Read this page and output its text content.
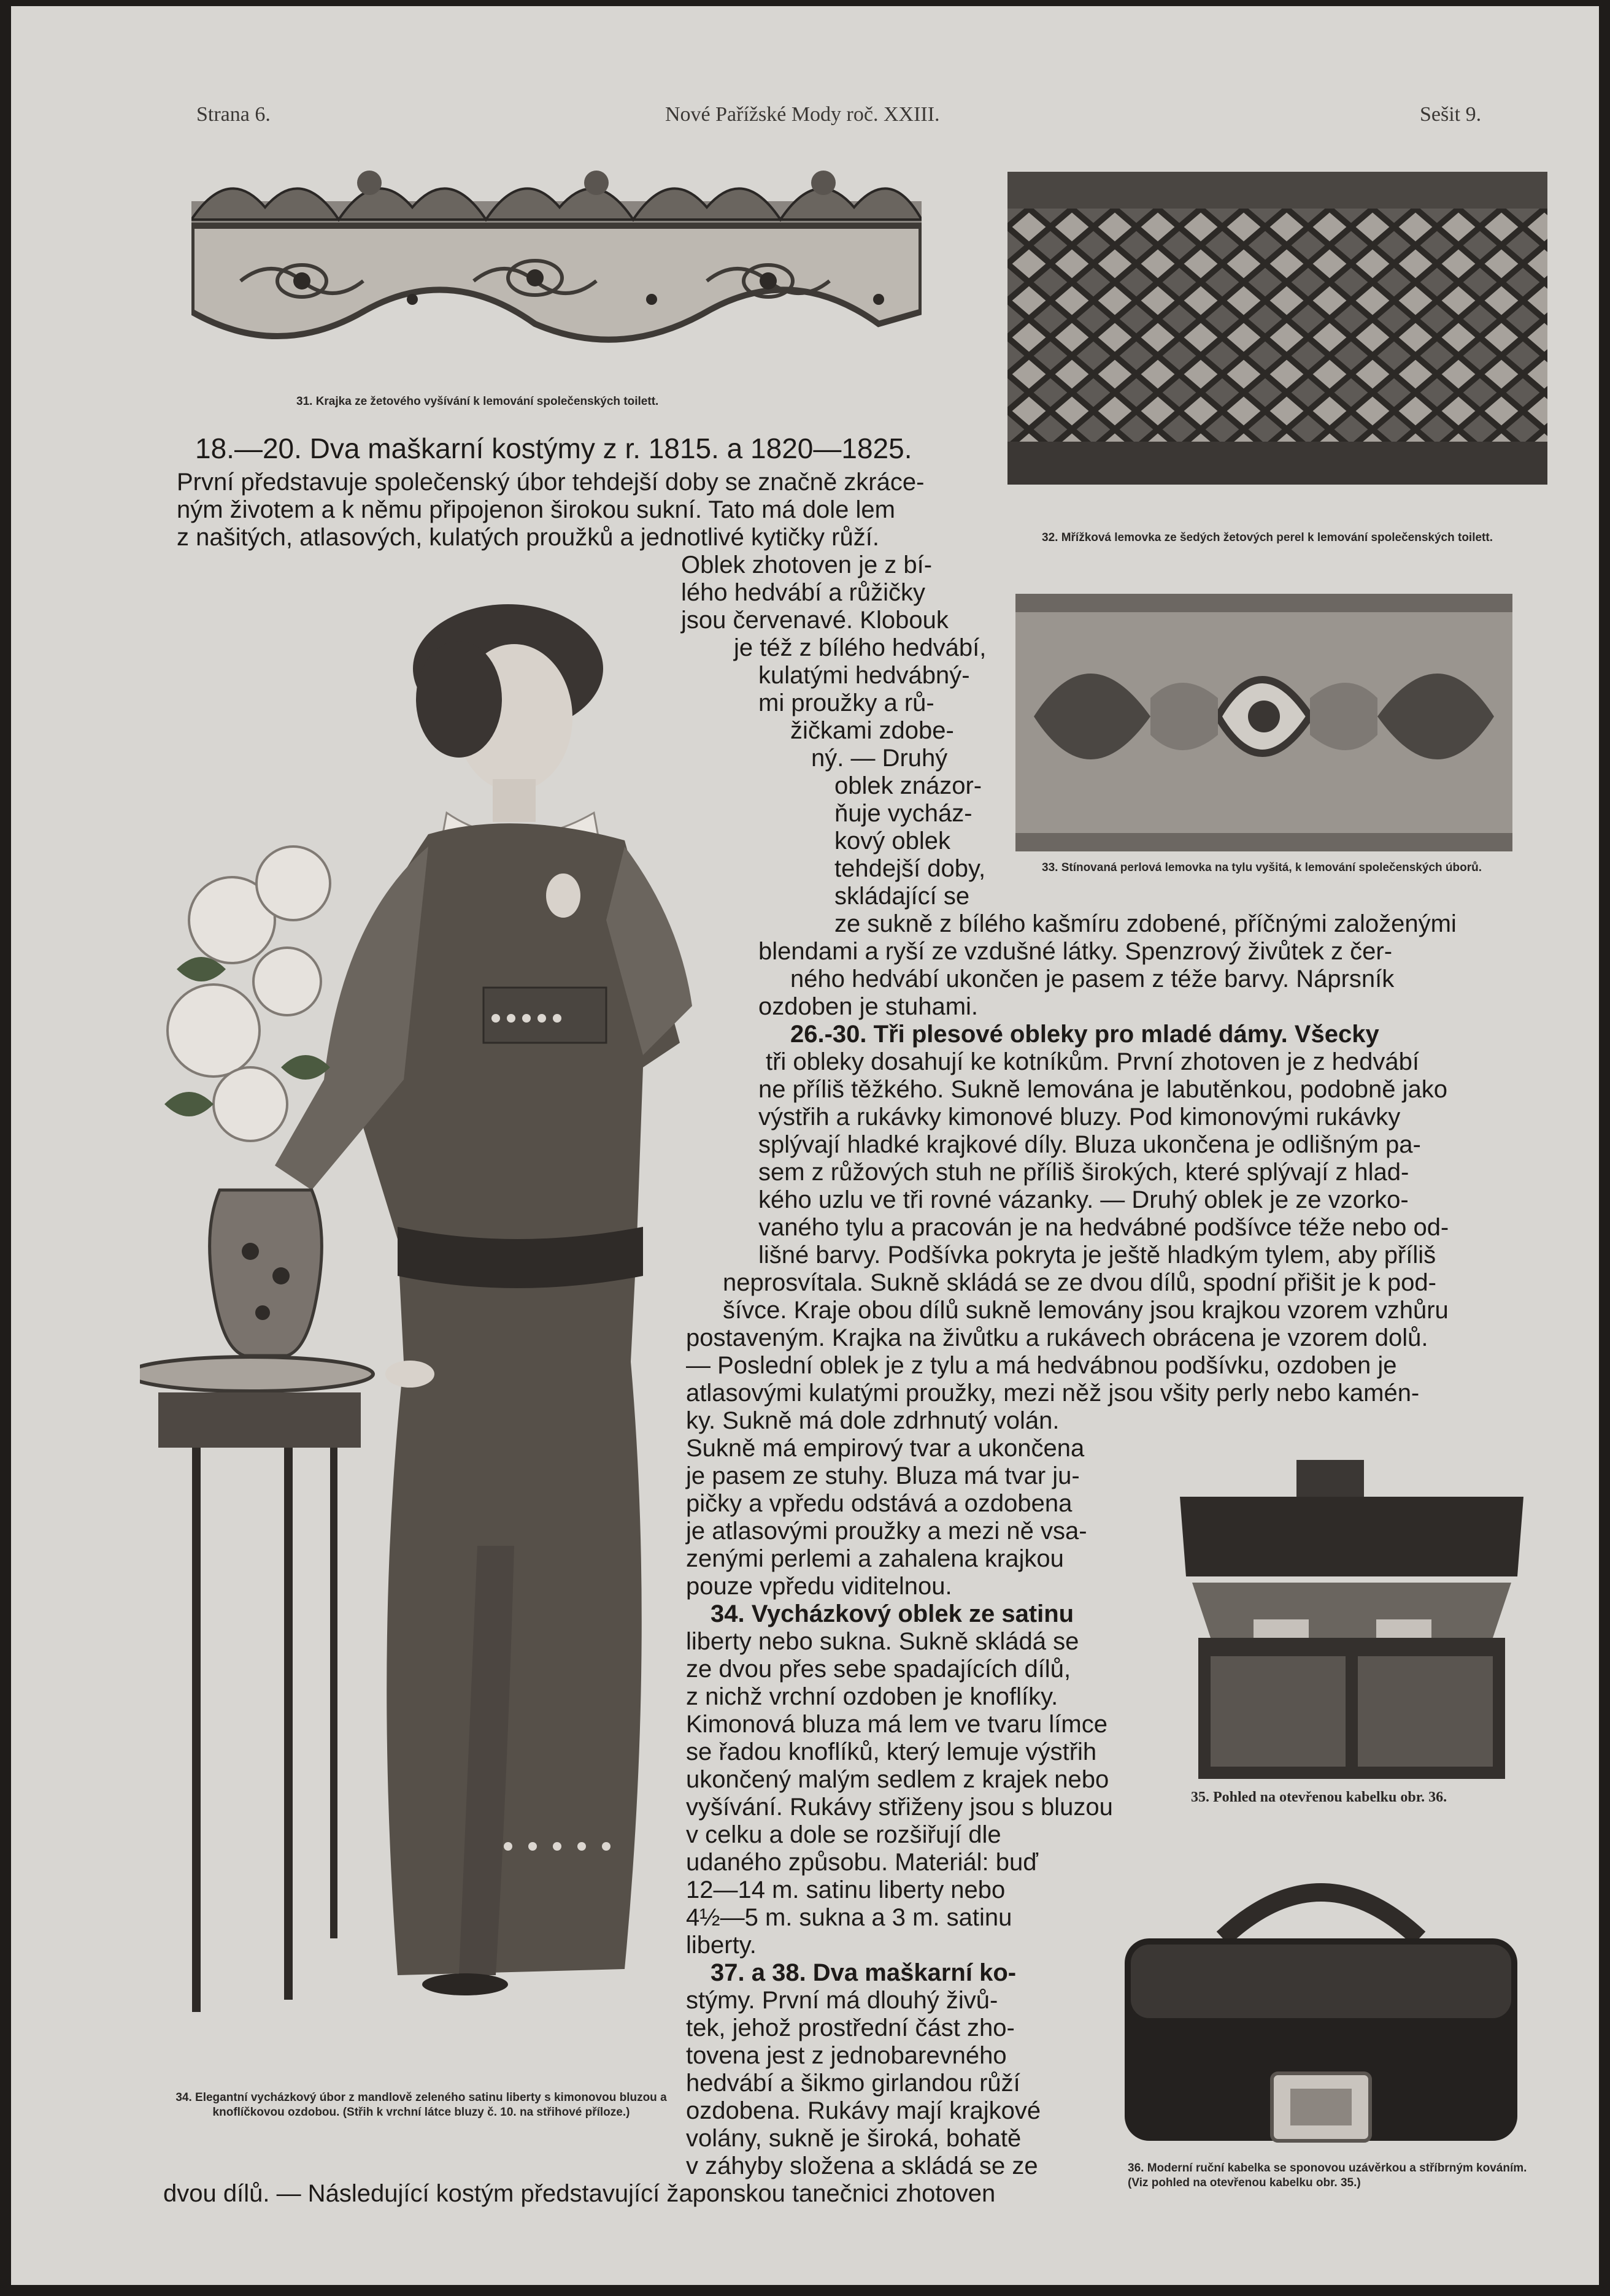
Strana 6.	Nové Pařížské Mody roč. XXIII.	Sešit 9.

31. Krajka ze žetového vyšívání k lemování společenských toilett.

32. Mřížková lemovka ze šedých žetových perel k lemování společenských toilett.

33. Stínovaná perlová lemovka na tylu vyšitá, k lemování společenských úborů.

34. Elegantní vycházkový úbor z mandlově zeleného satinu liberty s kimonovou bluzou a knoflíčkovou ozdobou. (Střih k vrchní látce bluzy č. 10. na střihové příloze.)

35. Pohled na otevřenou kabelku obr. 36.

36. Moderní ruční kabelka se sponovou uzávěrkou a stříbrným kováním. (Viz pohled na otevřenou kabelku obr. 35.)

18.—20. Dva maškarní kostýmy z r. 1815. a 1820—1825.

První představuje společenský úbor tehdejší doby se značně zkráce-

ným životem a k němu připojenon širokou sukní. Tato má dole lem

z našitých, atlasových, kulatých proužků a jednotlivé kytičky růží.

Oblek zhotoven je z bí-

lého hedvábí a růžičky

jsou červenavé. Klobouk

je též z bílého hedvábí,

kulatými hedvábný-

mi proužky a rů-

žičkami zdobe-

ný. — Druhý

oblek znázor-

ňuje vycház-

kový oblek

tehdejší doby,

skládající se

ze sukně z bílého kašmíru zdobené, příčnými založenými

blendami a ryší ze vzdušné látky. Spenzrový živůtek z čer-

ného hedvábí ukončen je pasem z téže barvy. Náprsník

ozdoben je stuhami.

26.-30. Tři plesové obleky pro mladé dámy. Všecky

tři obleky dosahují ke kotníkům. První zhotoven je z hedvábí

ne příliš těžkého. Sukně lemována je labutěnkou, podobně jako

výstřih a rukávky kimonové bluzy. Pod kimonovými rukávky

splývají hladké krajkové díly. Bluza ukončena je odlišným pa-

sem z růžových stuh ne příliš širokých, které splývají z hlad-

kého uzlu ve tři rovné vázanky. — Druhý oblek je ze vzorko-

vaného tylu a pracován je na hedvábné podšívce téže nebo od-

lišné barvy. Podšívka pokryta je ještě hladkým tylem, aby příliš

neprosvítala. Sukně skládá se ze dvou dílů, spodní přišit je k pod-

šívce. Kraje obou dílů sukně lemovány jsou krajkou vzorem vzhůru

postaveným. Krajka na živůtku a rukávech obrácena je vzorem dolů.

— Poslední oblek je z tylu a má hedvábnou podšívku, ozdoben je

atlasovými kulatými proužky, mezi něž jsou všity perly nebo kamén-

ky. Sukně má dole zdrhnutý volán.

Sukně má empirový tvar a ukončena

je pasem ze stuhy. Bluza má tvar ju-

pičky a vpředu odstává a ozdobena

je atlasovými proužky a mezi ně vsa-

zenými perlemi a zahalena krajkou

pouze vpředu viditelnou.

34. Vycházkový oblek ze satinu

liberty nebo sukna. Sukně skládá se

ze dvou přes sebe spadajících dílů,

z nichž vrchní ozdoben je knoflíky.

Kimonová bluza má lem ve tvaru límce

se řadou knoflíků, který lemuje výstřih

ukončený malým sedlem z krajek nebo

vyšívání. Rukávy střiženy jsou s bluzou

v celku a dole se rozšiřují dle

udaného způsobu. Materiál: buď

12—14 m. satinu liberty nebo

4½—5 m. sukna a 3 m. satinu

liberty.

37. a 38. Dva maškarní ko-

stýmy. První má dlouhý živů-

tek, jehož prostřední část zho-

tovena jest z jednobarevného

hedvábí a šikmo girlandou růží

ozdobena. Rukávy mají krajkové

volány, sukně je široká, bohatě

v záhyby složena a skládá se ze

dvou dílů. — Následující kostým představující žaponskou tanečnici zhotoven

18.—20. Dva maškarní kostýmy z r. 1815. a 1820—1825. 26.-30. Tři plesové obleky pro mladé dámy. 34. Vycházkový oblek ze satinu liberty 37. a 38. Dva maškarní ko- stýmy.
